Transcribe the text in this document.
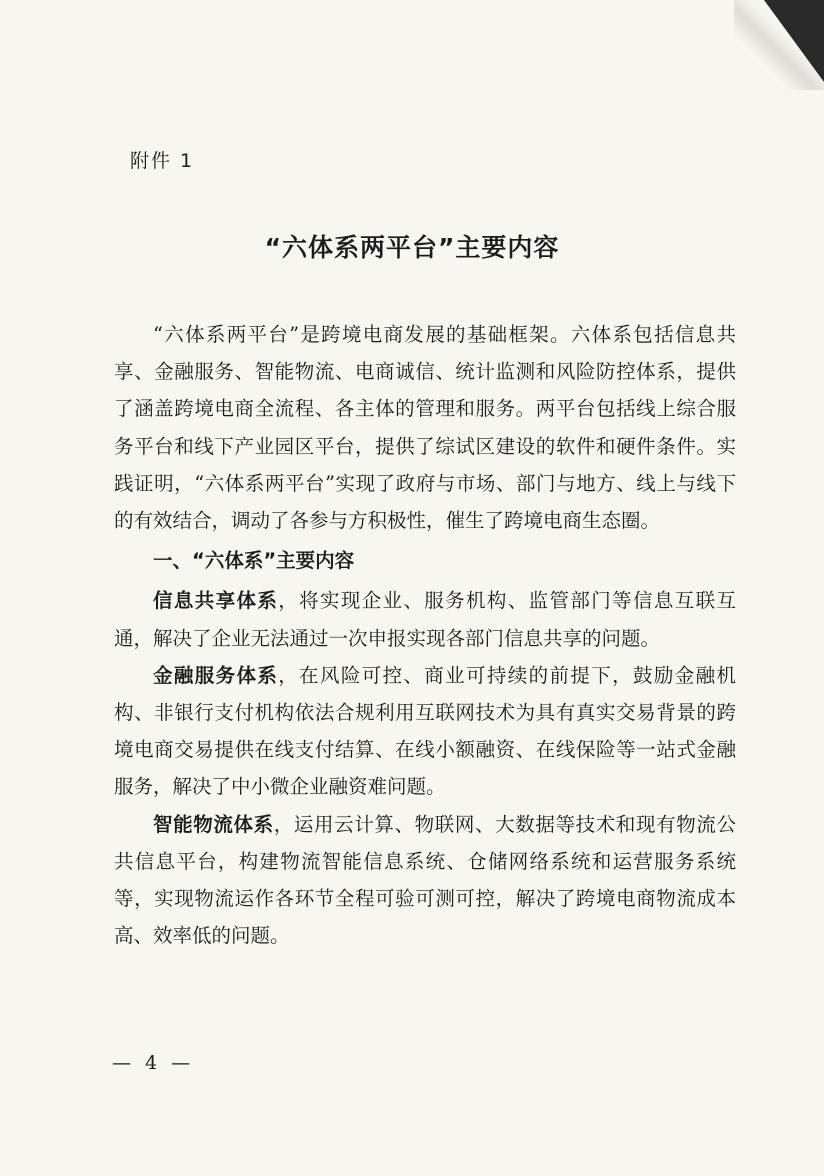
附件 1
“六体系两平台”主要内容

“六体系两平台”是跨境电商发展的基础框架。六体系包括信息共享、金融服务、智能物流、电商诚信、统计监测和风险防控体系，提供了涵盖跨境电商全流程、各主体的管理和服务。两平台包括线上综合服务平台和线下产业园区平台，提供了综试区建设的软件和硬件条件。实践证明，“六体系两平台”实现了政府与市场、部门与地方、线上与线下的有效结合，调动了各参与方积极性，催生了跨境电商生态圈。

一、“六体系”主要内容

信息共享体系，将实现企业、服务机构、监管部门等信息互联互通，解决了企业无法通过一次申报实现各部门信息共享的问题。

金融服务体系，在风险可控、商业可持续的前提下，鼓励金融机构、非银行支付机构依法合规利用互联网技术为具有真实交易背景的跨境电商交易提供在线支付结算、在线小额融资、在线保险等一站式金融服务，解决了中小微企业融资难问题。

智能物流体系，运用云计算、物联网、大数据等技术和现有物流公共信息平台，构建物流智能信息系统、仓储网络系统和运营服务系统等，实现物流运作各环节全程可验可测可控，解决了跨境电商物流成本高、效率低的问题。

— 4 —
